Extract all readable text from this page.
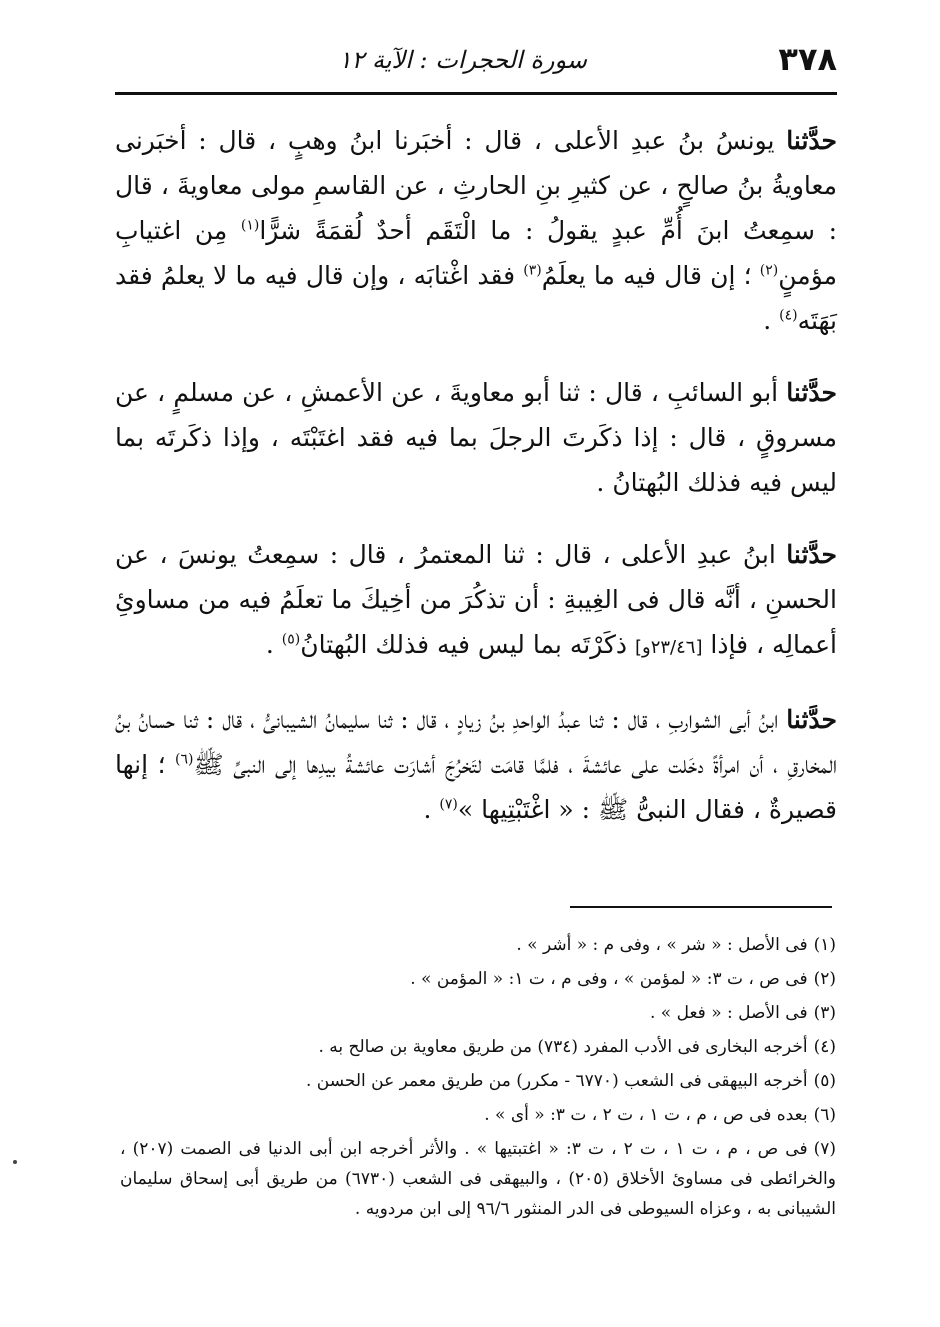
٣٧٨
سورة الحجرات : الآية ١٢

حدَّثنا يونسُ بنُ عبدِ الأعلى ، قال : أخبَرنا ابنُ وهبٍ ، قال : أخبَرنى معاويةُ بنُ صالحٍ ، عن كثيرِ بنِ الحارثِ ، عن القاسمِ مولى معاويةَ ، قال : سمِعتُ ابنَ أُمِّ عبدٍ يقولُ : ما الْتَقَم أحدٌ لُقمَةً شرًّا$^{(١)}$ مِن اغتيابِ مؤمنٍ$^{(٢)}$ ؛ إن قال فيه ما يعلَمُ$^{(٣)}$ فقد اغْتابَه ، وإن قال فيه ما لا يعلمُ فقد بَهَتَه$^{(٤)}$ .

حدَّثنا أبو السائبِ ، قال : ثنا أبو معاويةَ ، عن الأعمشِ ، عن مسلمٍ ، عن مسروقٍ ، قال : إذا ذكَرتَ الرجلَ بما فيه فقد اغتَبْتَه ، وإذا ذكَرتَه بما ليس فيه فذلك البُهتانُ .

حدَّثنا ابنُ عبدِ الأعلى ، قال : ثنا المعتمرُ ، قال : سمِعتُ يونسَ ، عن الحسنِ ، أنَّه قال فى الغِيبةِ : أن تذكُرَ من أخِيكَ ما تعلَمُ فيه من مساوئِ أعمالِه ، فإذا [٢٣/٤٦و] ذكَرْتَه بما ليس فيه فذلك البُهتانُ$^{(٥)}$ .

حدَّثنا ابنُ أبى الشواربِ ، قال : ثنا عبدُ الواحدِ بنُ زيادٍ ، قال : ثنا سليمانُ الشيبانىُّ ، قال : ثنا حسانُ بنُ المخارقِ ، أن امرأةً دخَلت على عائشةَ ، فلمَّا قامَت لتَخرُجَ أشارَت عائشةُ بيدِها إلى النبىِّ ﷺ$^{(٦)}$ ؛ إنها قصيرةٌ ، فقال النبىُّ ﷺ : « اغْتَبْتِيها »$^{(٧)}$ .

(١)فى الأصل : « شر » ، وفى م : « أشر » .
(٢)فى ص ، ت ٣: « لمؤمن » ، وفى م ، ت ١: « المؤمن » .
(٣)فى الأصل : « فعل » .
(٤)أخرجه البخارى فى الأدب المفرد (٧٣٤) من طريق معاوية بن صالح به .
(٥)أخرجه البيهقى فى الشعب (٦٧٧٠ - مكرر) من طريق معمر عن الحسن .
(٦)بعده فى ص ، م ، ت ١ ، ت ٢ ، ت ٣: « أى » .
(٧)فى ص ، م ، ت ١ ، ت ٢ ، ت ٣: « اغتبتيها » . والأثر أخرجه ابن أبى الدنيا فى الصمت (٢٠٧) ، والخرائطى فى مساوئ الأخلاق (٢٠٥) ، والبيهقى فى الشعب (٦٧٣٠) من طريق أبى إسحاق سليمان الشيبانى به ، وعزاه السيوطى فى الدر المنثور ٩٦/٦ إلى ابن مردويه .
